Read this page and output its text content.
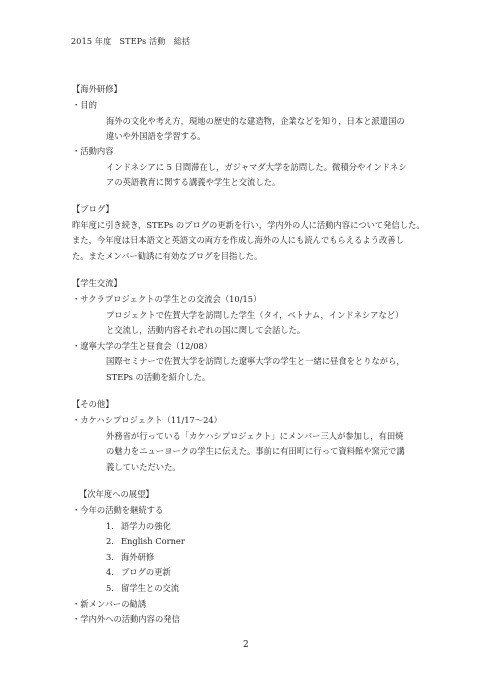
2015 年度　STEPs 活動　総括
【海外研修】
・目的
海外の文化や考え方，現地の歴史的な建造物，企業などを知り，日本と派遣国の
違いや外国語を学習する。
・活動内容
インドネシアに 5 日間滞在し，ガジャマダ大学を訪問した。微積分やインドネシ
アの英語教育に関する講義や学生と交流した。
【ブログ】
昨年度に引き続き，STEPs のブログの更新を行い，学内外の人に活動内容について発信した。
また，今年度は日本語文と英語文の両方を作成し海外の人にも読んでもらえるよう改善し
た。またメンバー勧誘に有効なブログを目指した。
【学生交流】
・サクラプロジェクトの学生との交流会（10/15）
プロジェクトで佐賀大学を訪問した学生（タイ，ベトナム，インドネシアなど）
と交流し，活動内容それぞれの国に関して会話した。
・遼寧大学の学生と昼食会（12/08）
国際セミナーで佐賀大学を訪問した遼寧大学の学生と一緒に昼食をとりながら，
STEPs の活動を紹介した。
【その他】
・カケハシプロジェクト（11/17〜24）
外務省が行っている「カケハシプロジェクト」にメンバー三人が参加し，有田焼
の魅力をニューヨークの学生に伝えた。事前に有田町に行って資料館や窯元で講
義していただいた。
【次年度への展望】
・今年の活動を継続する
1. 語学力の強化
2. English Corner
3. 海外研修
4. ブログの更新
5. 留学生との交流
・新メンバーの勧誘
・学内外への活動内容の発信
2
